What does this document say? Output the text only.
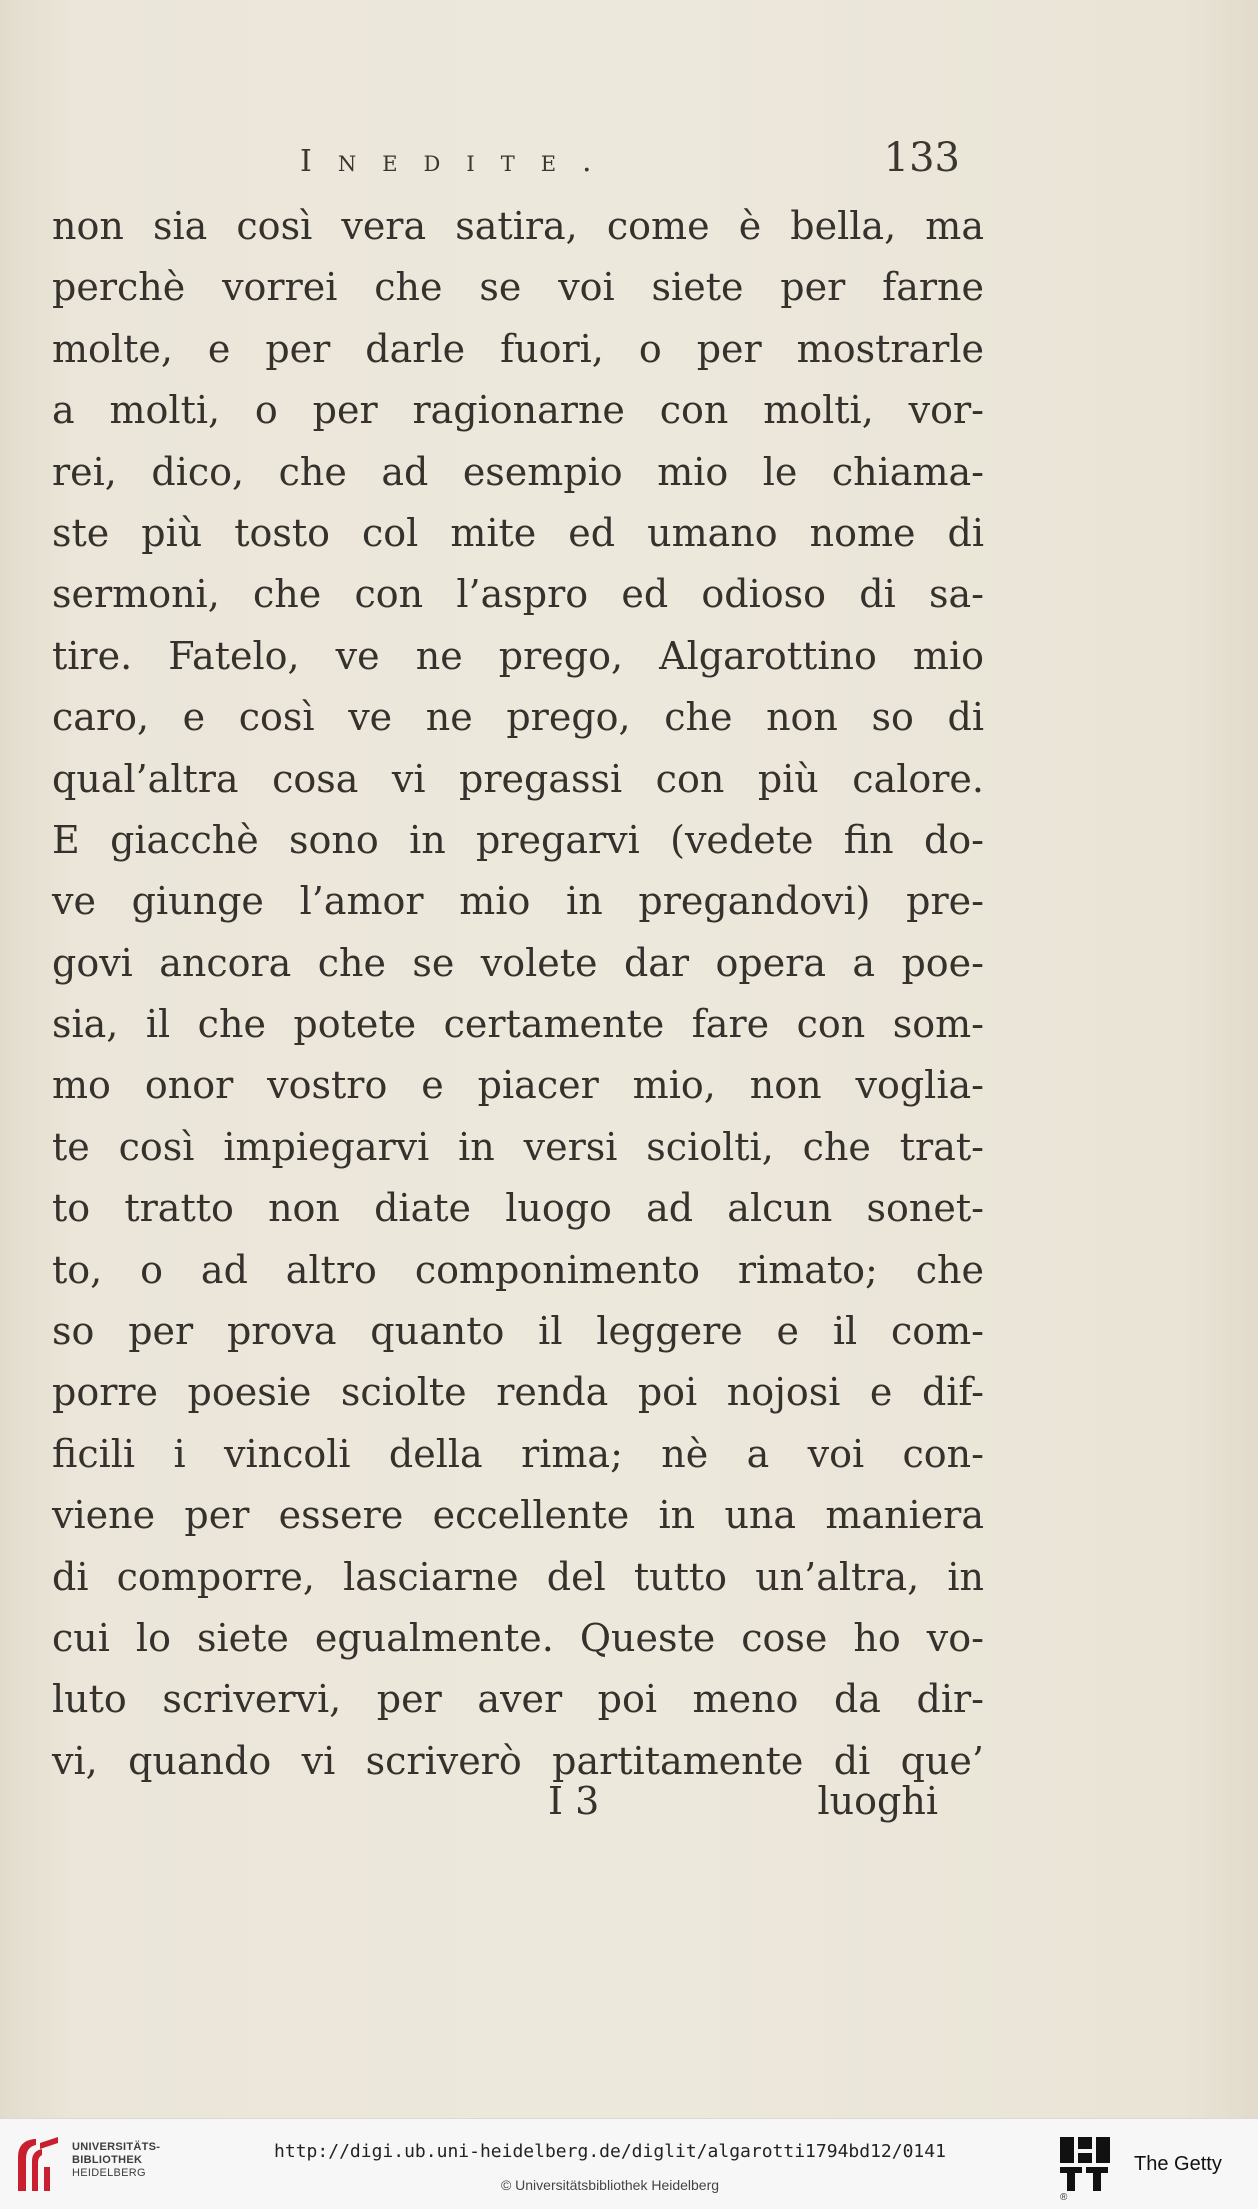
Inedite.	133
non sia così vera satira, come è bella, ma
perchè vorrei che se voi siete per farne
molte, e per darle fuori, o per mostrarle
a molti, o per ragionarne con molti, vor-
rei, dico, che ad esempio mio le chiama-
ste più tosto col mite ed umano nome di
sermoni, che con l’aspro ed odioso di sa-
tire. Fatelo, ve ne prego, Algarottino mio
caro, e così ve ne prego, che non so di
qual’altra cosa vi pregassi con più calore.
E giacchè sono in pregarvi (vedete fin do-
ve giunge l’amor mio in pregandovi) pre-
govi ancora che se volete dar opera a poe-
sia, il che potete certamente fare con som-
mo onor vostro e piacer mio, non voglia-
te così impiegarvi in versi sciolti, che trat-
to tratto non diate luogo ad alcun sonet-
to, o ad altro componimento rimato; che
so per prova quanto il leggere e il com-
porre poesie sciolte renda poi nojosi e dif-
ficili i vincoli della rima; nè a voi con-
viene per essere eccellente in una maniera
di comporre, lasciarne del tutto un’altra, in
cui lo siete egualmente. Queste cose ho vo-
luto scrivervi, per aver poi meno da dir-
vi, quando vi scriverò partitamente di que’
I 3	luoghi
UNIVERSITÄTS-
BIBLIOTHEK
HEIDELBERG
http://digi.ub.uni-heidelberg.de/diglit/algarotti1794bd12/0141
© Universitätsbibliothek Heidelberg
®
The Getty
